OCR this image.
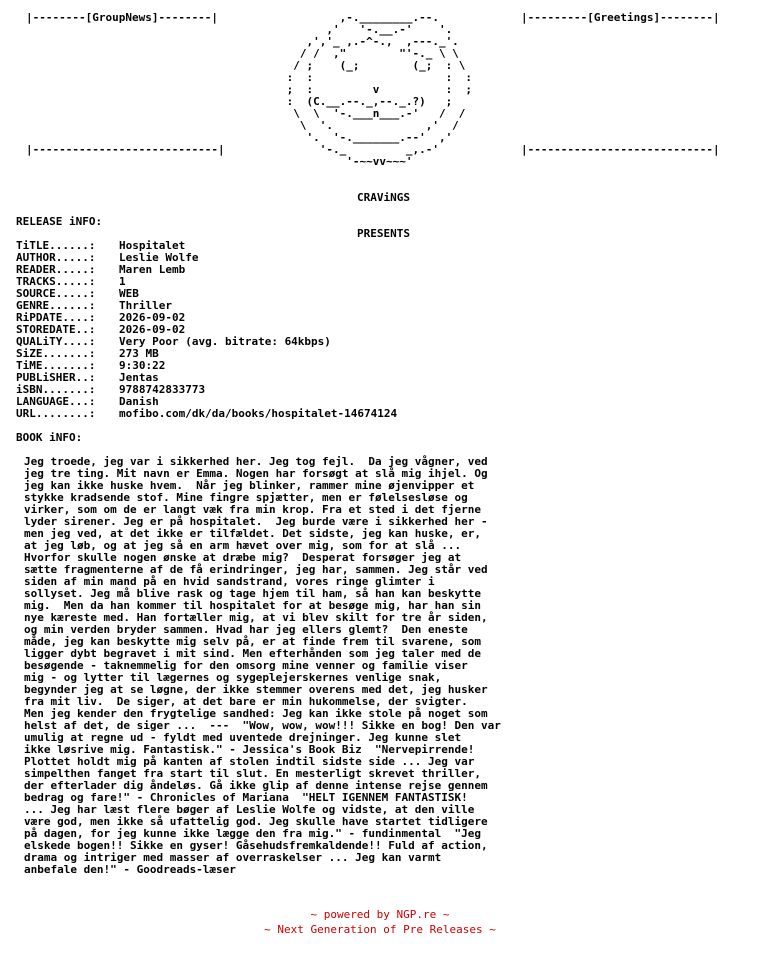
|--------[GroupNews]--------|	|---------[Greetings]--------|
|----------------------------|	|----------------------------|
,-.________.--.
,'   '-.__.-'    '.
,','_ ,.-^-.,  ,---._'.
/ /  ,"        "'-._ \ \
/ ;    (_;        (_;  : \
:  :                    :  :
;  :         v          :  ;
:  (C.__.--._,--._.?)   ;
\  \  '-.___n___.-'   /  /
\  '.              ,'  /
'.  '-._______.--'  ,'
'-._         _,.-'
'-~~vv~~~'

CRAViNGS

PRESENTS

RELEASE iNFO:
TiTLE......: Hospitalet
AUTHOR.....: Leslie Wolfe
READER.....: Maren Lemb
TRACKS.....: 1
SOURCE.....: WEB
GENRE......: Thriller
RiPDATE....: 2026-09-02
STOREDATE..: 2026-09-02
QUALiTY....: Very Poor (avg. bitrate: 64kbps)
SiZE.......: 273 MB
TiME.......: 9:30:22
PUBLiSHER..: Jentas
iSBN.......: 9788742833773
LANGUAGE...: Danish
URL........: mofibo.com/dk/da/books/hospitalet-14674124
BOOK iNFO:
Jeg troede, jeg var i sikkerhed her. Jeg tog fejl.  Da jeg vågner, ved
jeg tre ting. Mit navn er Emma. Nogen har forsøgt at slå mig ihjel. Og
jeg kan ikke huske hvem.  Når jeg blinker, rammer mine øjenvipper et
stykke kradsende stof. Mine fingre spjætter, men er følelsesløse og
virker, som om de er langt væk fra min krop. Fra et sted i det fjerne
lyder sirener. Jeg er på hospitalet.  Jeg burde være i sikkerhed her -
men jeg ved, at det ikke er tilfældet. Det sidste, jeg kan huske, er,
at jeg løb, og at jeg så en arm hævet over mig, som for at slå ...
Hvorfor skulle nogen ønske at dræbe mig?  Desperat forsøger jeg at
sætte fragmenterne af de få erindringer, jeg har, sammen. Jeg står ved
siden af min mand på en hvid sandstrand, vores ringe glimter i
sollyset. Jeg må blive rask og tage hjem til ham, så han kan beskytte
mig.  Men da han kommer til hospitalet for at besøge mig, har han sin
nye kæreste med. Han fortæller mig, at vi blev skilt for tre år siden,
og min verden bryder sammen. Hvad har jeg ellers glemt?  Den eneste
måde, jeg kan beskytte mig selv på, er at finde frem til svarene, som
ligger dybt begravet i mit sind. Men efterhånden som jeg taler med de
besøgende - taknemmelig for den omsorg mine venner og familie viser
mig - og lytter til lægernes og sygeplejerskernes venlige snak,
begynder jeg at se løgne, der ikke stemmer overens med det, jeg husker
fra mit liv.  De siger, at det bare er min hukommelse, der svigter.
Men jeg kender den frygtelige sandhed: Jeg kan ikke stole på noget som
helst af det, de siger ...  ---  "Wow, wow, wow!!! Sikke en bog! Den var
umulig at regne ud - fyldt med uventede drejninger. Jeg kunne slet
ikke løsrive mig. Fantastisk." - Jessica's Book Biz  "Nervepirrende!
Plottet holdt mig på kanten af stolen indtil sidste side ... Jeg var
simpelthen fanget fra start til slut. En mesterligt skrevet thriller,
der efterlader dig åndeløs. Gå ikke glip af denne intense rejse gennem
bedrag og fare!" - Chronicles of Mariana  "HELT IGENNEM FANTASTISK!
... Jeg har læst flere bøger af Leslie Wolfe og vidste, at den ville
være god, men ikke så ufattelig god. Jeg skulle have startet tidligere
på dagen, for jeg kunne ikke lægge den fra mig." - fundinmental  "Jeg
elskede bogen!! Sikke en gyser! Gåsehudsfremkaldende!! Fuld af action,
drama og intriger med masser af overraskelser ... Jeg kan varmt
anbefale den!" - Goodreads-læser
~ powered by NGP.re ~
~ Next Generation of Pre Releases ~
